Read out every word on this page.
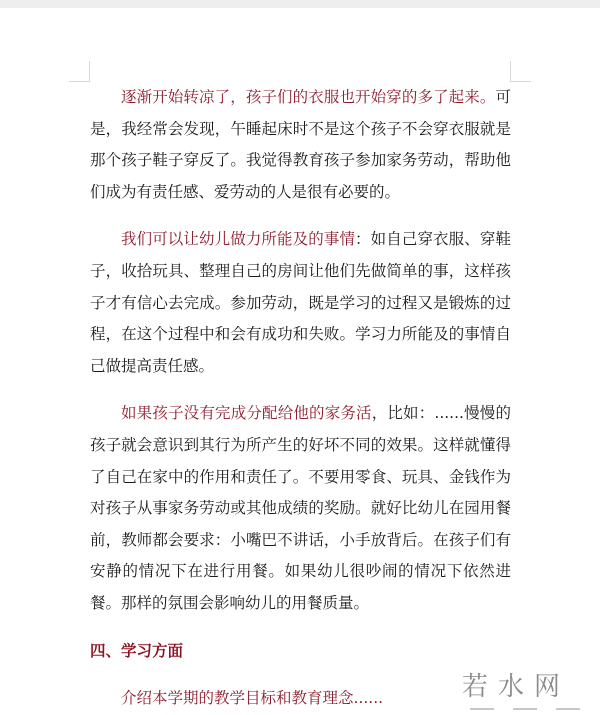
逐渐开始转凉了，孩子们的衣服也开始穿的多了起来。可是，我经常会发现，午睡起床时不是这个孩子不会穿衣服就是那个孩子鞋子穿反了。我觉得教育孩子参加家务劳动，帮助他们成为有责任感、爱劳动的人是很有必要的。

我们可以让幼儿做力所能及的事情：如自己穿衣服、穿鞋子，收拾玩具、整理自己的房间让他们先做简单的事，这样孩子才有信心去完成。参加劳动，既是学习的过程又是锻炼的过程，在这个过程中和会有成功和失败。学习力所能及的事情自己做提高责任感。

如果孩子没有完成分配给他的家务活，比如：......慢慢的孩子就会意识到其行为所产生的好坏不同的效果。这样就懂得了自己在家中的作用和责任了。不要用零食、玩具、金钱作为对孩子从事家务劳动或其他成绩的奖励。就好比幼儿在园用餐前，教师都会要求：小嘴巴不讲话，小手放背后。在孩子们有安静的情况下在进行用餐。如果幼儿很吵闹的情况下依然进餐。那样的氛围会影响幼儿的用餐质量。

四、学习方面

介绍本学期的教学目标和教育理念......	若水网
